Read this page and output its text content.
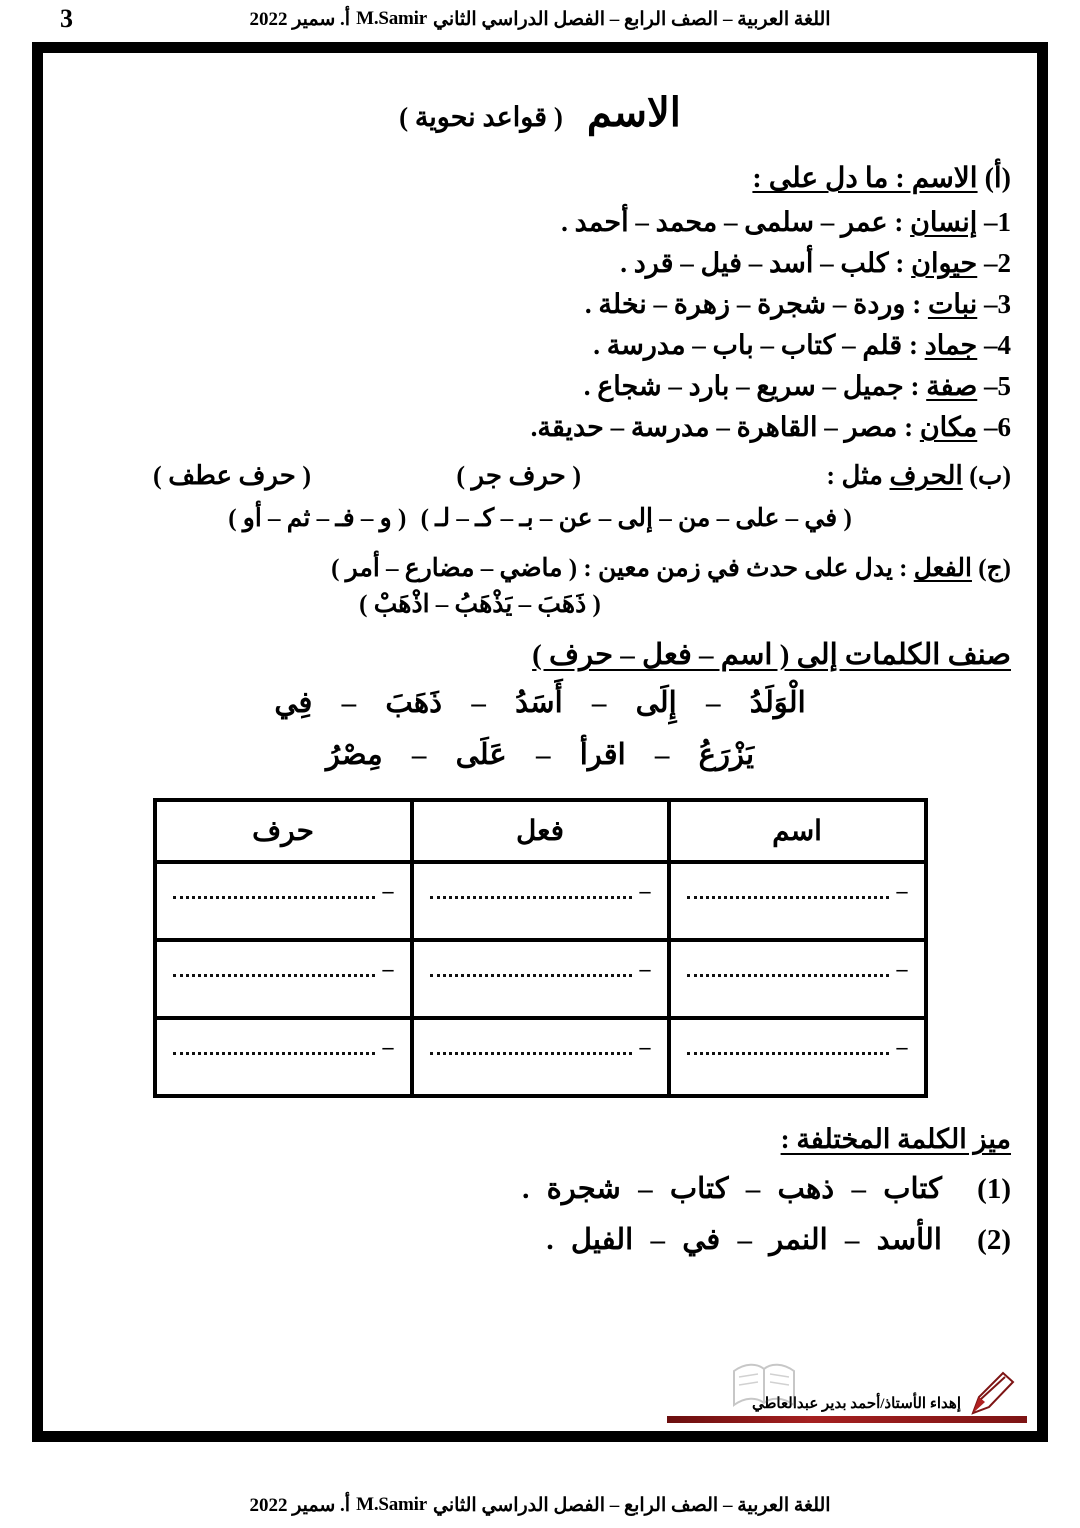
اللغة العربية – الصف الرابع – الفصل الدراسي الثاني
M.Samir
أ. سمير 2022
3
الاسم ( قواعد نحوية )
(أ) الاسم : ما دل على :
1– إنسان : عمر – سلمى – محمد – أحمد .
2– حيوان : كلب – أسد – فيل – قرد .
3– نبات : وردة – شجرة – زهرة – نخلة .
4– جماد : قلم – كتاب – باب – مدرسة .
5– صفة : جميل – سريع – بارد – شجاع .
6– مكان : مصر – القاهرة – مدرسة – حديقة.
(ب) الحرف مثل :
( حرف جر )
( حرف عطف )
( في – على – من – إلى – عن – بـ – كـ – لـ ) ( و – فـ – ثم – أو )
(ج) الفعل : يدل على حدث في زمن معين : ( ماضي – مضارع – أمر )
( ذَهَبَ – يَذْهَبُ – اذْهَبْ )
صنف الكلمات إلى ( اسم – فعل – حرف )
الْوَلَدُ – إِلَى – أَسَدُ – ذَهَبَ – فِي
يَزْرَعُ – اقرأ – عَلَى – مِصْرُ
اسم	فعل	حرف

–	–	–

–	–	–

–	–	–
ميز الكلمة المختلفة :
(1) كتاب – ذهب – كتاب – شجرة .
(2) الأسد – النمر – في – الفيل .
إهداء الأستاذ/أحمد بدير عبدالعاطي
اللغة العربية – الصف الرابع – الفصل الدراسي الثاني
M.Samir
أ. سمير 2022
